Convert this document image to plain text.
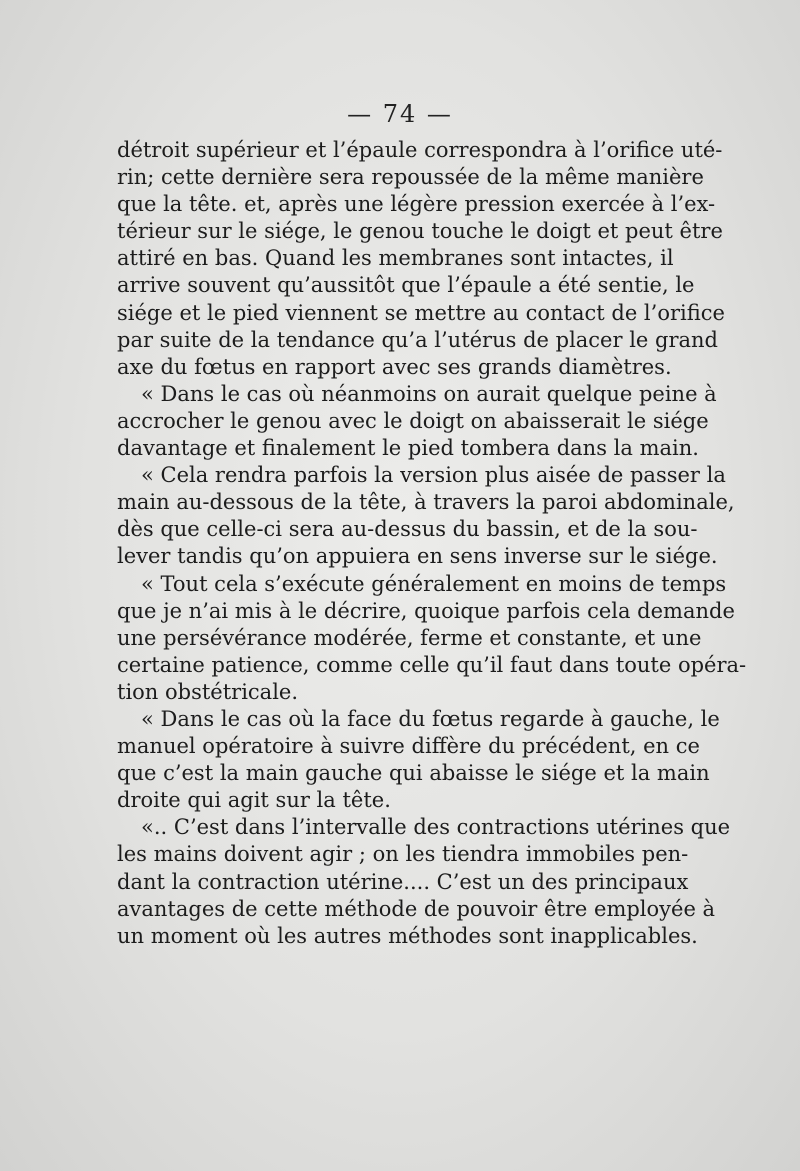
— 74 —
détroit supérieur et l’épaule correspondra à l’orifice uté-
rin; cette dernière sera repoussée de la même manière
que la tête. et, après une légère pression exercée à l’ex-
térieur sur le siége, le genou touche le doigt et peut être
attiré en bas. Quand les membranes sont intactes, il
arrive souvent qu’aussitôt que l’épaule a été sentie, le
siége et le pied viennent se mettre au contact de l’orifice
par suite de la tendance qu’a l’utérus de placer le grand
axe du fœtus en rapport avec ses grands diamètres.
« Dans le cas où néanmoins on aurait quelque peine à
accrocher le genou avec le doigt on abaisserait le siége
davantage et finalement le pied tombera dans la main.
« Cela rendra parfois la version plus aisée de passer la
main au-dessous de la tête, à travers la paroi abdominale,
dès que celle-ci sera au-dessus du bassin, et de la sou-
lever tandis qu’on appuiera en sens inverse sur le siége.
« Tout cela s’exécute généralement en moins de temps
que je n’ai mis à le décrire, quoique parfois cela demande
une persévérance modérée, ferme et constante, et une
certaine patience, comme celle qu’il faut dans toute opéra-
tion obstétricale.
« Dans le cas où la face du fœtus regarde à gauche, le
manuel opératoire à suivre diffère du précédent, en ce
que c’est la main gauche qui abaisse le siége et la main
droite qui agit sur la tête.
«.. C’est dans l’intervalle des contractions utérines que
les mains doivent agir ; on les tiendra immobiles pen-
dant la contraction utérine.... C’est un des principaux
avantages de cette méthode de pouvoir être employée à
un moment où les autres méthodes sont inapplicables.
